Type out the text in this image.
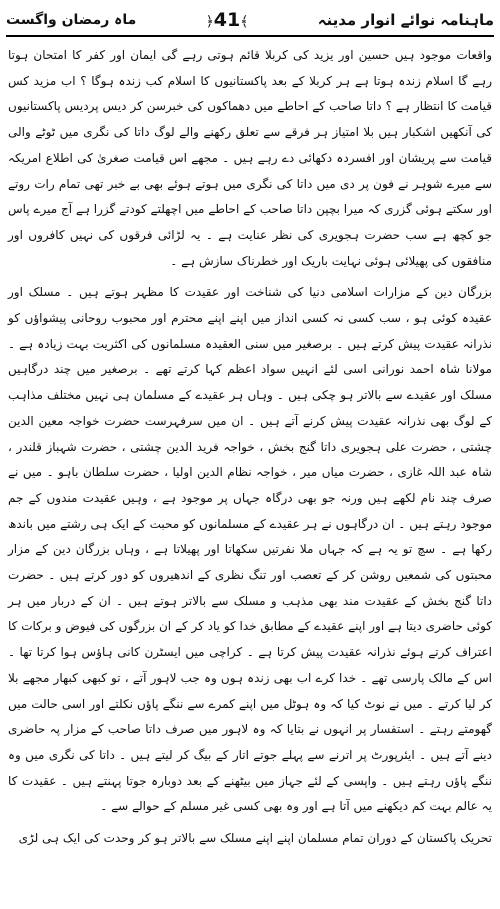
ماہ رمضان واگست	﴿41﴾	ماہنامہ نوائے انوار مدینہ

واقعات موجود ہیں حسین اور یزید کی کربلا قائم ہوتی رہے گی ایمان اور کفر کا امتحان ہوتا رہے گا اسلام زندہ ہوتا ہے ہر کربلا کے بعد پاکستانیوں کا اسلام کب زندہ ہوگا ؟ اب مزید کس قیامت کا انتظار ہے ؟ داتا صاحب کے احاطے میں دھماکوں کی خبرسن کر دیس پردیس پاکستانیوں کی آنکھیں اشکبار ہیں بلا امتیاز ہر فرقے سے تعلق رکھنے والے لوگ داتا کی نگری میں ٹوٹے والی قیامت سے پریشان اور افسردہ دکھائی دے رہے ہیں ۔ مجھے اس قیامت صغریٰ کی اطلاع امریکہ سے میرے شوہر نے فون پر دی میں داتا کی نگری میں ہوتے ہوئے بھی بے خبر تھی تمام رات روتے اور سکتے ہوئی گزری کہ میرا بچپن داتا صاحب کے احاطے میں اچھلتے کودتے گزرا ہے آج میرے پاس جو کچھ ہے سب حضرت ہجویری کی نظر عنایت ہے ۔ یہ لڑائی فرقوں کی نہیں کافروں اور منافقوں کی پھیلائی ہوئی نہایت باریک اور خطرناک سازش ہے ۔

بزرگان دین کے مزارات اسلامی دنیا کی شناخت اور عقیدت کا مظہر ہوتے ہیں ۔ مسلک اور عقیدہ کوئی ہو ، سب کسی نہ کسی انداز میں اپنے اپنے محترم اور محبوب روحانی پیشواؤں کو نذرانہ عقیدت پیش کرتے ہیں ۔ برصغیر میں سنی العقیدہ مسلمانوں کی اکثریت بہت زیادہ ہے ۔ مولانا شاہ احمد نورانی اسی لئے انہیں سواد اعظم کہا کرتے تھے ۔ برصغیر میں چند درگاہیں مسلک اور عقیدے سے بالاتر ہو چکی ہیں ۔ وہاں ہر عقیدے کے مسلمان ہی نہیں مختلف مذاہب کے لوگ بھی نذرانہ عقیدت پیش کرنے آتے ہیں ۔ ان میں سرفہرست حضرت خواجہ معین الدین چشتی ، حضرت علی ہجویری داتا گنج بخش ، خواجہ فرید الدین چشتی ، حضرت شہباز قلندر ، شاہ عبد اللہ غازی ، حضرت میاں میر ، خواجہ نظام الدین اولیا ، حضرت سلطان باہو ۔ میں نے صرف چند نام لکھے ہیں ورنہ جو بھی درگاہ جہاں پر موجود ہے ، وہیں عقیدت مندوں کے جم موجود رہتے ہیں ۔ ان درگاہوں نے ہر عقیدے کے مسلمانوں کو محبت کے ایک ہی رشتے میں باندھ رکھا ہے ۔ سچ تو یہ ہے کہ جہاں ملا نفرتیں سکھاتا اور پھیلاتا ہے ، وہاں بزرگان دین کے مزار محبتوں کی شمعیں روشن کر کے تعصب اور تنگ نظری کے اندھیروں کو دور کرتے ہیں ۔ حضرت داتا گنج بخش کے عقیدت مند بھی مذہب و مسلک سے بالاتر ہوتے ہیں ۔ ان کے دربار میں ہر کوئی حاضری دیتا ہے اور اپنے عقیدے کے مطابق خدا کو یاد کر کے ان بزرگوں کی فیوض و برکات کا اعتراف کرتے ہوئے نذرانہ عقیدت پیش کرتا ہے ۔ کراچی میں ایسٹرن کانی ہاؤس ہوا کرتا تھا ۔ اس کے مالک پارسی تھے ۔ خدا کرے اب بھی زندہ ہوں وہ جب لاہور آتے ، تو کبھی کبھار مجھے بلا کر لیا کرتے ۔ میں نے نوٹ کیا کہ وہ ہوٹل میں اپنے کمرے سے ننگے پاؤں نکلتے اور اسی حالت میں گھومتے رہتے ۔ استفسار پر انہوں نے بتایا کہ وہ لاہور میں صرف داتا صاحب کے مزار پہ حاضری دینے آتے ہیں ۔ ایئرپورٹ پر اترنے سے پہلے جوتے اتار کے بیگ کر لیتے ہیں ۔ داتا کی نگری میں وہ ننگے پاؤں رہتے ہیں ۔ واپسی کے لئے جہاز میں بیٹھنے کے بعد دوبارہ جوتا پہنتے ہیں ۔ عقیدت کا یہ عالم بہت کم دیکھنے میں آتا ہے اور وہ بھی کسی غیر مسلم کے حوالے سے ۔

تحریک پاکستان کے دوران تمام مسلمان اپنے اپنے مسلک سے بالاتر ہو کر وحدت کی ایک ہی لڑی
